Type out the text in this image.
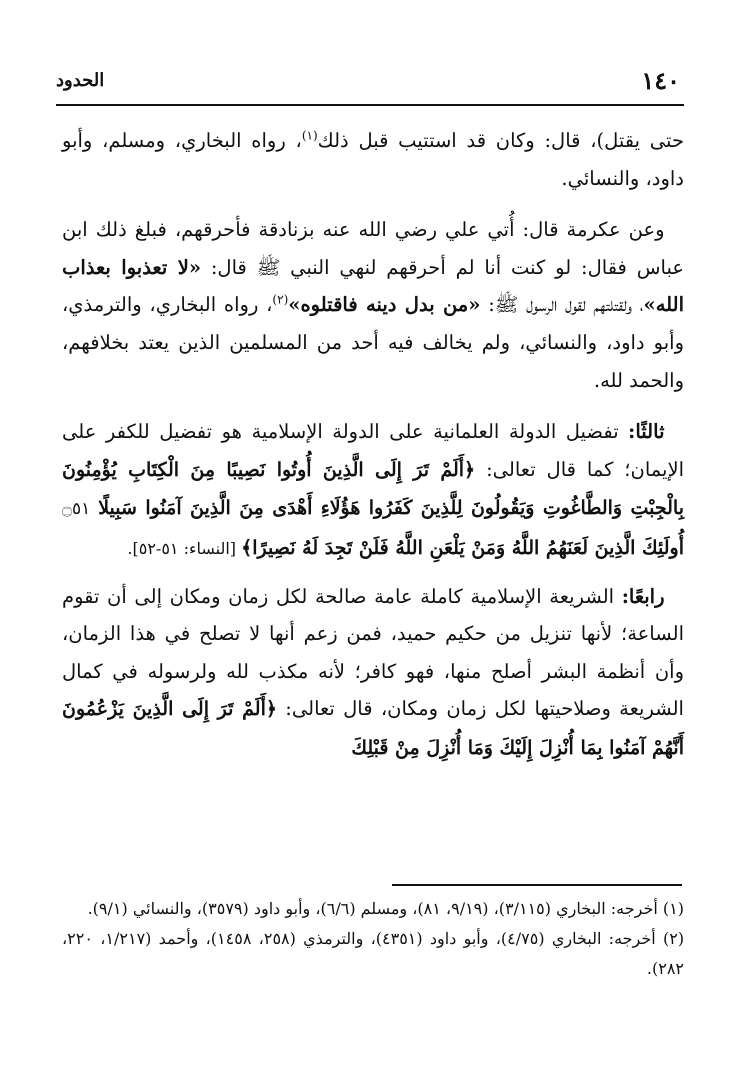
١٤٠
الحدود

حتى يقتل)، قال: وكان قد استتيب قبل ذلك$^{(١)}$، رواه البخاري، ومسلم، وأبو داود، والنسائي.

 وعن عكرمة قال: أُتي علي رضي الله عنه بزنادقة فأحرقهم، فبلغ ذلك ابن عباس فقال: لو كنت أنا لم أحرقهم لنهي النبي ﷺ قال: «لا تعذبوا بعذاب الله»، ولقتلتهم لقول الرسول ﷺ: «من بدل دينه فاقتلوه»$^{(٢)}$، رواه البخاري، والترمذي، وأبو داود، والنسائي، ولم يخالف فيه أحد من المسلمين الذين يعتد بخلافهم، والحمد لله.

 ثالثًا: تفضيل الدولة العلمانية على الدولة الإسلامية هو تفضيل للكفر على الإيمان؛ كما قال تعالى: ﴿أَلَمْ تَرَ إِلَى الَّذِينَ أُوتُوا نَصِيبًا مِنَ الْكِتَابِ يُؤْمِنُونَ بِالْجِبْتِ وَالطَّاغُوتِ وَيَقُولُونَ لِلَّذِينَ كَفَرُوا هَؤُلَاءِ أَهْدَى مِنَ الَّذِينَ آمَنُوا سَبِيلًا ۝٥١ أُولَئِكَ الَّذِينَ لَعَنَهُمُ اللَّهُ وَمَنْ يَلْعَنِ اللَّهُ فَلَنْ تَجِدَ لَهُ نَصِيرًا﴾ [النساء: ٥١-٥٢].

 رابعًا: الشريعة الإسلامية كاملة عامة صالحة لكل زمان ومكان إلى أن تقوم الساعة؛ لأنها تنزيل من حكيم حميد، فمن زعم أنها لا تصلح في هذا الزمان، وأن أنظمة البشر أصلح منها، فهو كافر؛ لأنه مكذب لله ولرسوله في كمال الشريعة وصلاحيتها لكل زمان ومكان، قال تعالى: ﴿أَلَمْ تَرَ إِلَى الَّذِينَ يَزْعُمُونَ أَنَّهُمْ آمَنُوا بِمَا أُنْزِلَ إِلَيْكَ وَمَا أُنْزِلَ مِنْ قَبْلِكَ

(١) أخرجه: البخاري (٣/١١٥)، (٩/١٩، ٨١)، ومسلم (٦/٦)، وأبو داود (٣٥٧٩)، والنسائي (٩/١).

(٢) أخرجه: البخاري (٤/٧٥)، وأبو داود (٤٣٥١)، والترمذي (٢٥٨، ١٤٥٨)، وأحمد (١/٢١٧، ٢٢٠، ٢٨٢).
